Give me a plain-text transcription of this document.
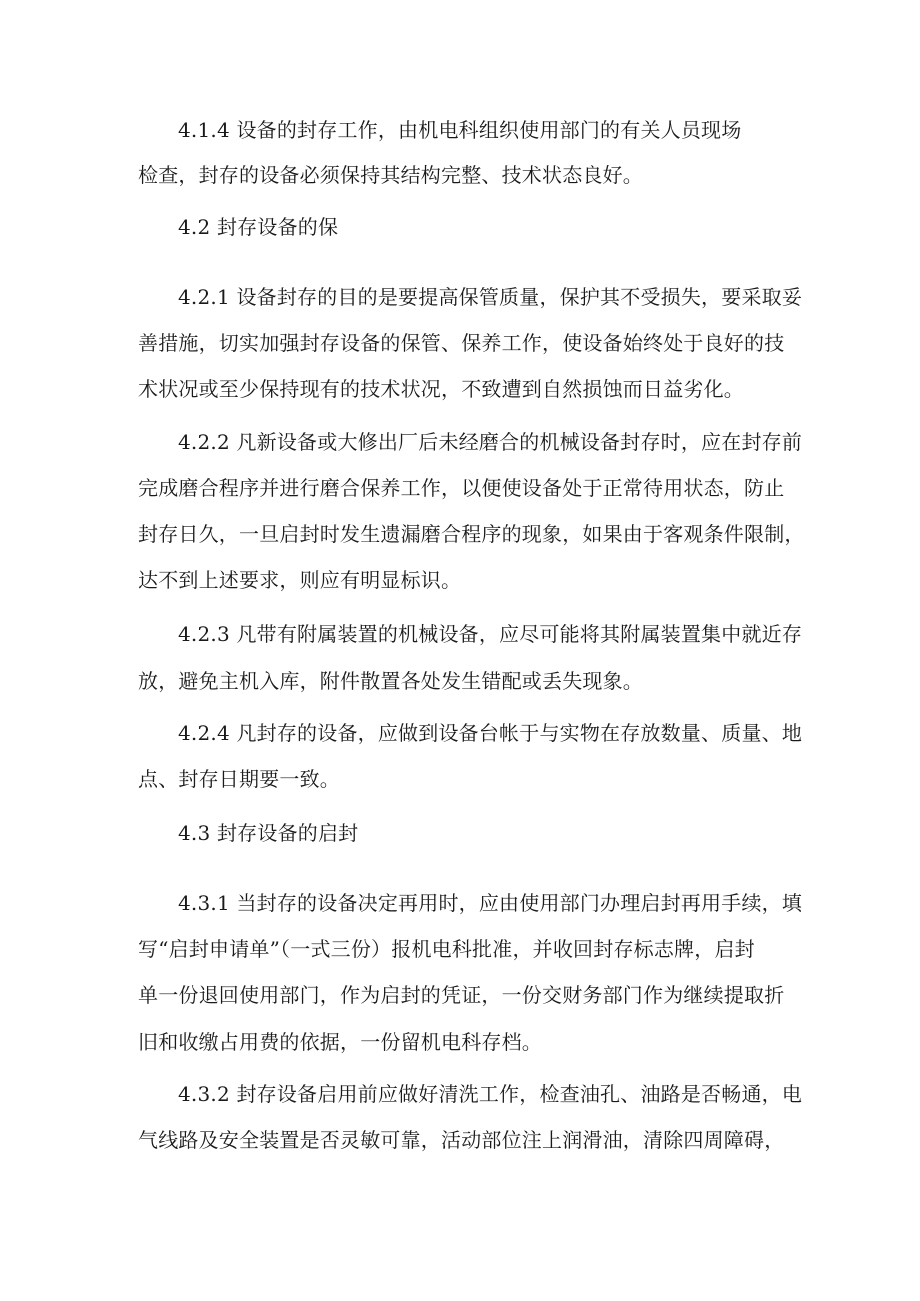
4.1.4 设备的封存工作，由机电科组织使用部门的有关人员现场
检查，封存的设备必须保持其结构完整、技术状态良好。
4.2 封存设备的保
4.2.1 设备封存的目的是要提高保管质量，保护其不受损失，要采取妥
善措施，切实加强封存设备的保管、保养工作，使设备始终处于良好的技
术状况或至少保持现有的技术状况，不致遭到自然损蚀而日益劣化。
4.2.2 凡新设备或大修出厂后未经磨合的机械设备封存时，应在封存前
完成磨合程序并进行磨合保养工作，以便使设备处于正常待用状态，防止
封存日久，一旦启封时发生遗漏磨合程序的现象，如果由于客观条件限制，
达不到上述要求，则应有明显标识。
4.2.3 凡带有附属装置的机械设备，应尽可能将其附属装置集中就近存
放，避免主机入库，附件散置各处发生错配或丢失现象。
4.2.4 凡封存的设备，应做到设备台帐于与实物在存放数量、质量、地
点、封存日期要一致。
4.3 封存设备的启封
4.3.1 当封存的设备决定再用时，应由使用部门办理启封再用手续，填
写“启封申请单”（一式三份）报机电科批准，并收回封存标志牌，启封
单一份退回使用部门，作为启封的凭证，一份交财务部门作为继续提取折
旧和收缴占用费的依据，一份留机电科存档。
4.3.2 封存设备启用前应做好清洗工作，检查油孔、油路是否畅通，电
气线路及安全装置是否灵敏可靠，活动部位注上润滑油，清除四周障碍，
